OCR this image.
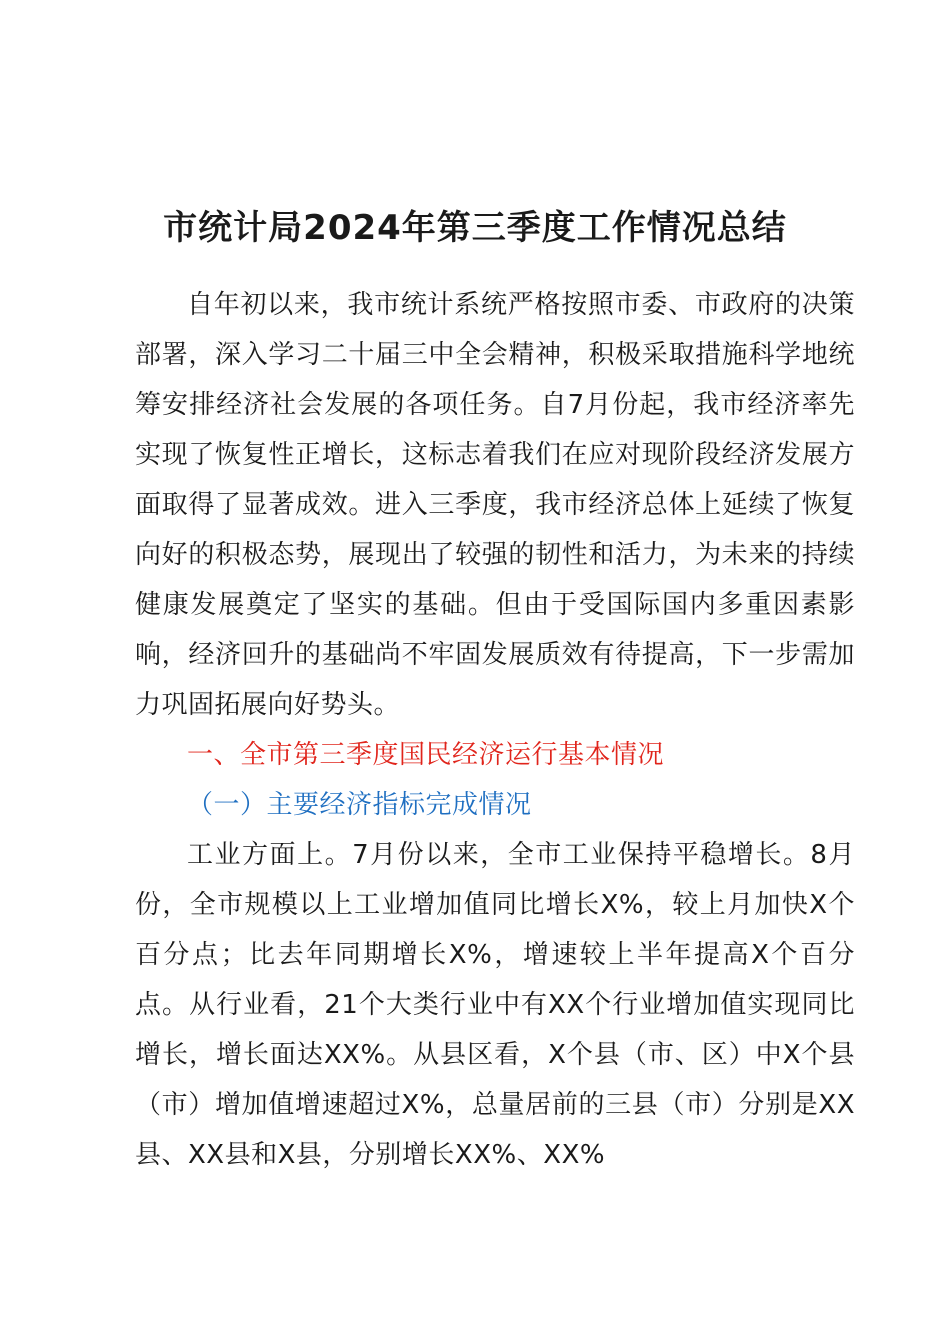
市统计局2024年第三季度工作情况总结

自年初以来，我市统计系统严格按照市委、市政府的决策部署，深入学习二十届三中全会精神，积极采取措施科学地统筹安排经济社会发展的各项任务。自7月份起，我市经济率先实现了恢复性正增长，这标志着我们在应对现阶段经济发展方面取得了显著成效。进入三季度，我市经济总体上延续了恢复向好的积极态势，展现出了较强的韧性和活力，为未来的持续健康发展奠定了坚实的基础。但由于受国际国内多重因素影响，经济回升的基础尚不牢固发展质效有待提高，下一步需加力巩固拓展向好势头。

一、全市第三季度国民经济运行基本情况

（一）主要经济指标完成情况

工业方面上。7月份以来，全市工业保持平稳增长。8月份，全市规模以上工业增加值同比增长X%，较上月加快X个百分点；比去年同期增长X%，增速较上半年提高X个百分点。从行业看，21个大类行业中有XX个行业增加值实现同比增长，增长面达XX%。从县区看，X个县（市、区）中X个县（市）增加值增速超过X%，总量居前的三县（市）分别是XX县、XX县和X县，分别增长XX%、XX%
